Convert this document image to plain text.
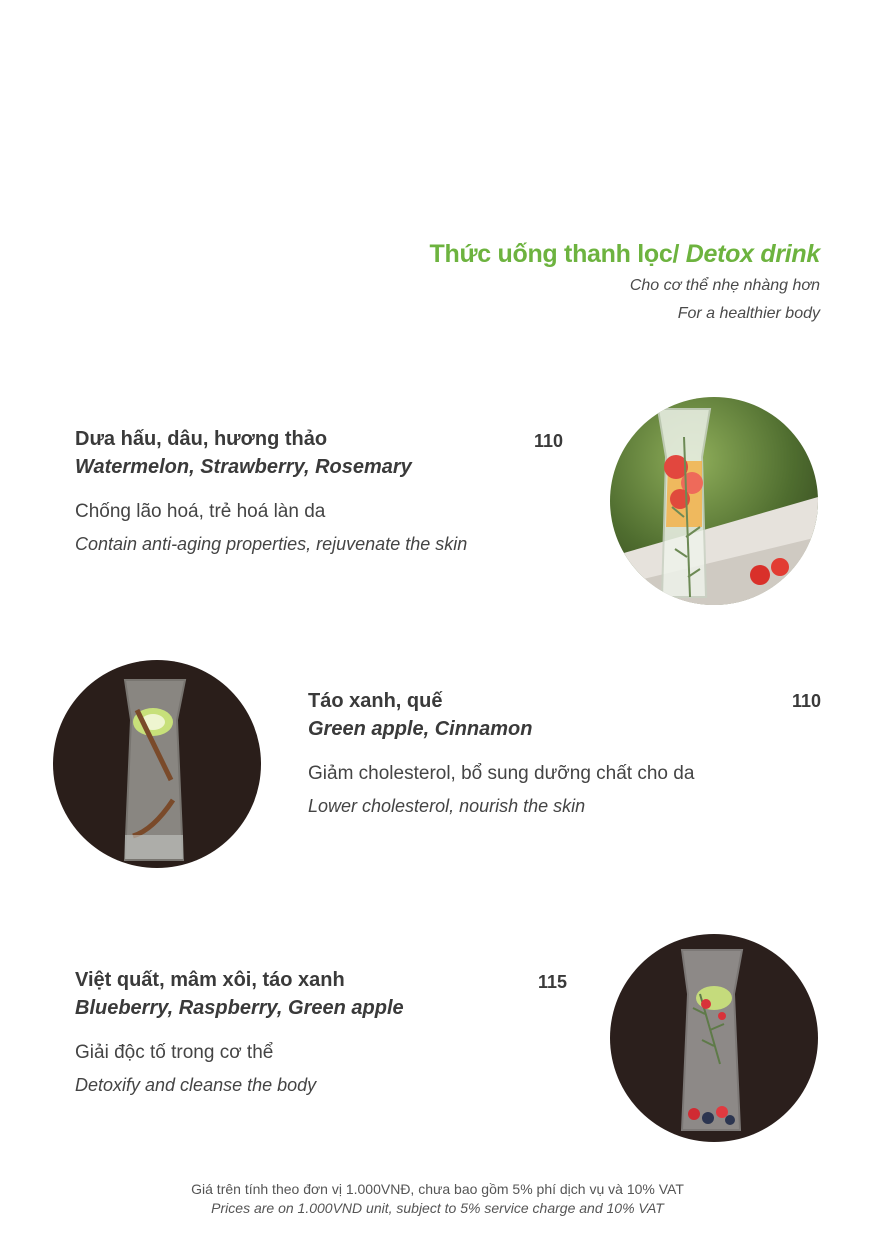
Thức uống thanh lọc/ Detox drink
Cho cơ thể nhẹ nhàng hơn
For a healthier body
Dưa hấu, dâu, hương thảo
Watermelon, Strawberry, Rosemary
Chống lão hoá, trẻ hoá làn da
Contain anti-aging properties, rejuvenate the skin
110
Táo xanh, quế
Green apple, Cinnamon
Giảm cholesterol, bổ sung dưỡng chất cho da
Lower cholesterol, nourish the skin
110
Việt quất, mâm xôi, táo xanh
Blueberry, Raspberry, Green apple
Giải độc tố trong cơ thể
Detoxify and cleanse the body
115
Giá trên tính theo đơn vị 1.000VNĐ, chưa bao gồm 5% phí dịch vụ và 10% VAT
Prices are on 1.000VND unit, subject to 5% service charge and 10% VAT
